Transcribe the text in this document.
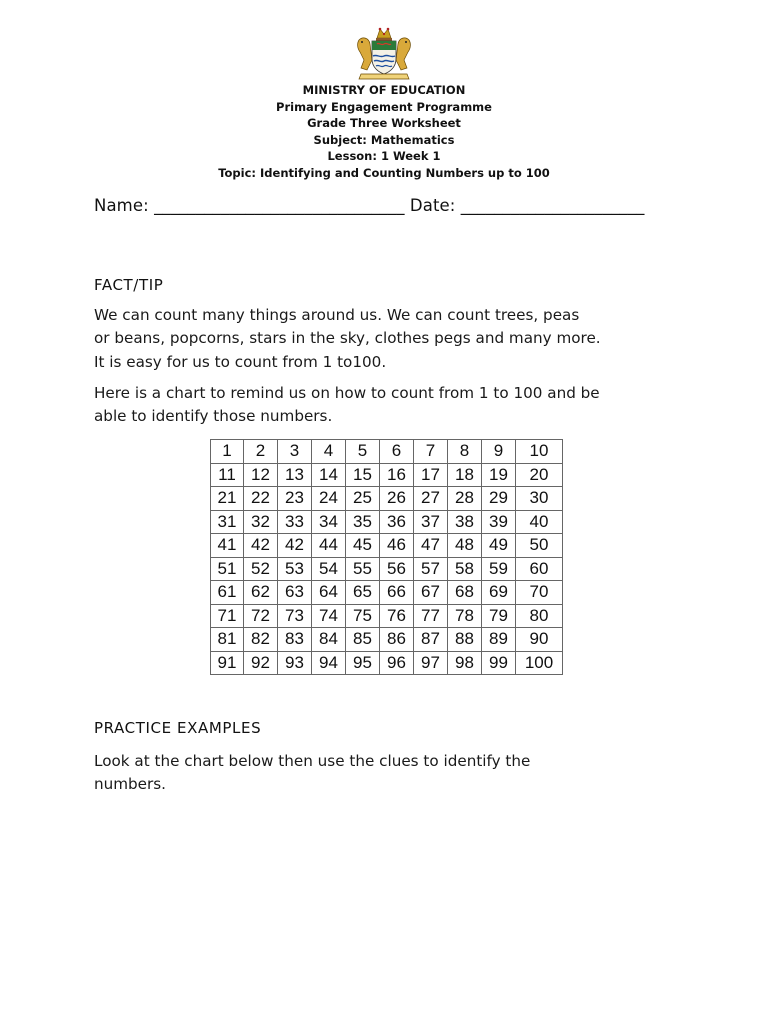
MINISTRY OF EDUCATION
Primary Engagement Programme
Grade Three Worksheet
Subject: Mathematics
Lesson: 1 Week 1
Topic: Identifying and Counting Numbers up to 100
Name: ______________________________ Date: ______________________
FACT/TIP
We can count many things around us. We can count trees, peas
or beans, popcorns, stars in the sky, clothes pegs and many more.
It is easy for us to count from 1 to100.
Here is a chart to remind us on how to count from 1 to 100 and be
able to identify those numbers.
1	2	3	4	5	6	7	8	9	10
11	12	13	14	15	16	17	18	19	20
21	22	23	24	25	26	27	28	29	30
31	32	33	34	35	36	37	38	39	40
41	42	42	44	45	46	47	48	49	50
51	52	53	54	55	56	57	58	59	60
61	62	63	64	65	66	67	68	69	70
71	72	73	74	75	76	77	78	79	80
81	82	83	84	85	86	87	88	89	90
91	92	93	94	95	96	97	98	99	100
PRACTICE EXAMPLES
Look at the chart below then use the clues to identify the
numbers.
